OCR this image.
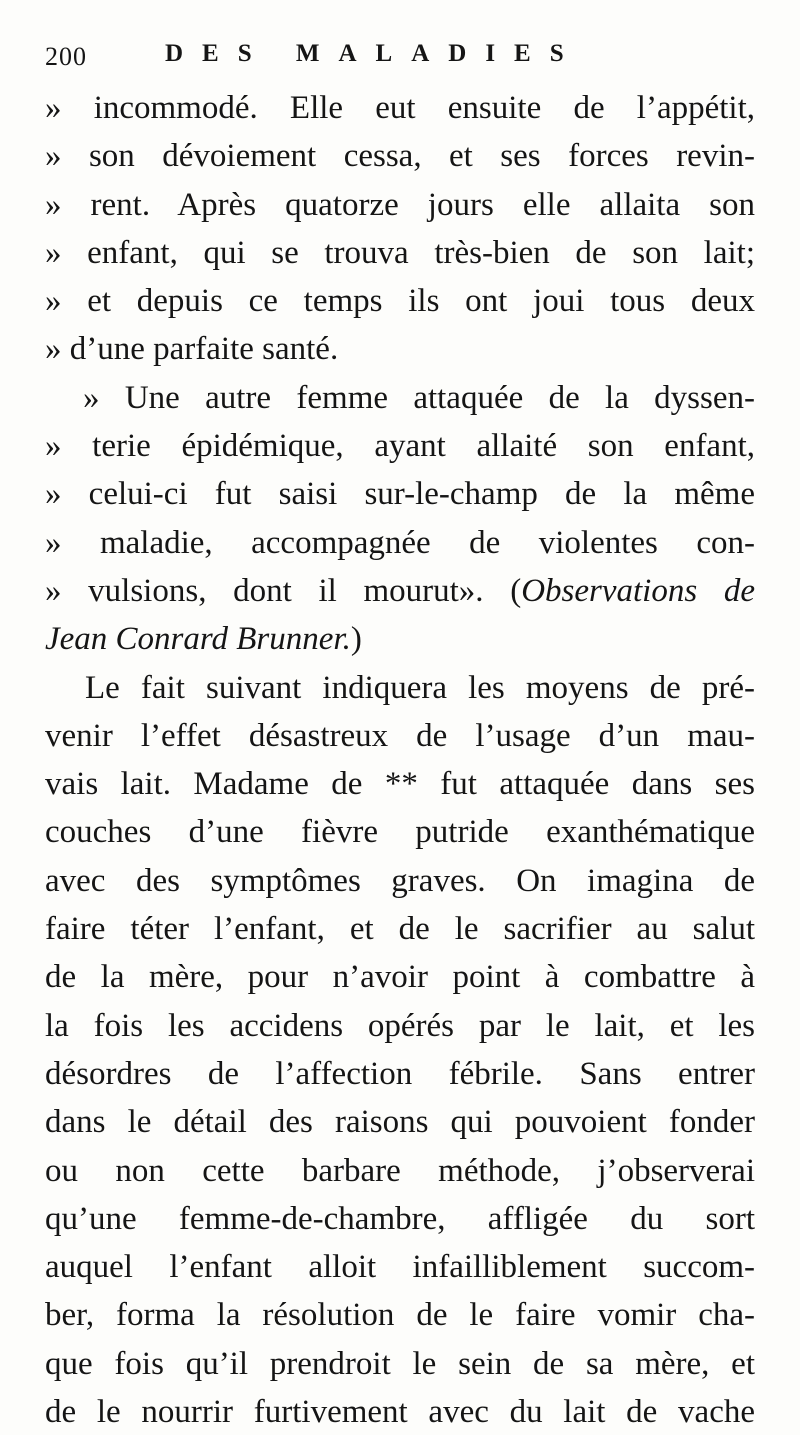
200	DES MALADIES
» incommodé. Elle eut ensuite de l’appétit,
» son dévoiement cessa, et ses forces revin-
» rent. Après quatorze jours elle allaita son
» enfant, qui se trouva très-bien de son lait;
» et depuis ce temps ils ont joui tous deux
» d’une parfaite santé.
» Une autre femme attaquée de la dyssen-
» terie épidémique, ayant allaité son enfant,
» celui-ci fut saisi sur-le-champ de la même
» maladie, accompagnée de violentes con-
» vulsions, dont il mourut». (Observations de
Jean Conrard Brunner.)
Le fait suivant indiquera les moyens de pré-
venir l’effet désastreux de l’usage d’un mau-
vais lait. Madame de ** fut attaquée dans ses
couches d’une fièvre putride exanthématique
avec des symptômes graves. On imagina de
faire téter l’enfant, et de le sacrifier au salut
de la mère, pour n’avoir point à combattre à
la fois les accidens opérés par le lait, et les
désordres de l’affection fébrile. Sans entrer
dans le détail des raisons qui pouvoient fonder
ou non cette barbare méthode, j’observerai
qu’une femme-de-chambre, affligée du sort
auquel l’enfant alloit infailliblement succom-
ber, forma la résolution de le faire vomir cha-
que fois qu’il prendroit le sein de sa mère, et
de le nourrir furtivement avec du lait de vache
